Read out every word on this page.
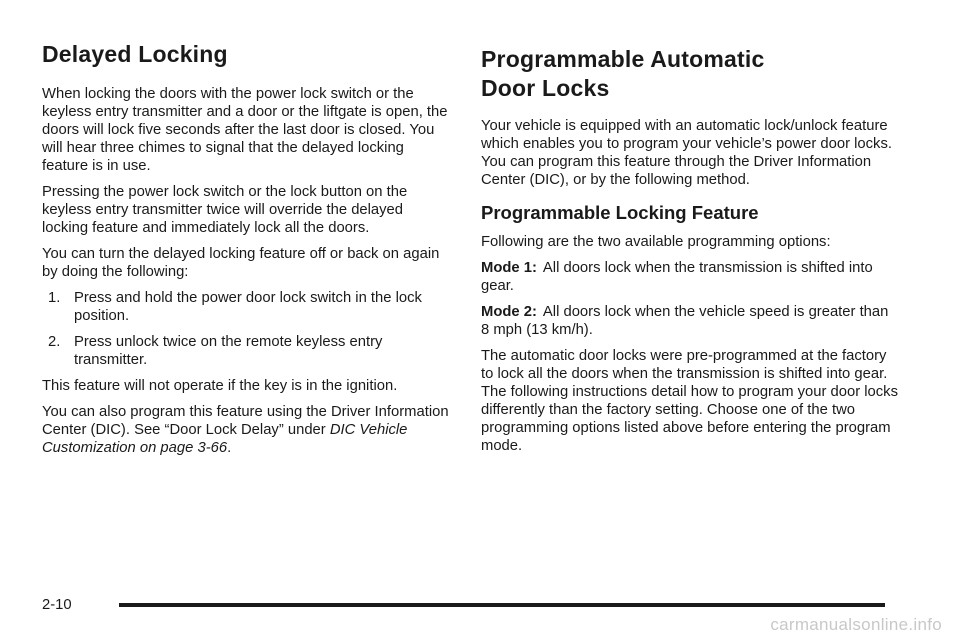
Delayed Locking

When locking the doors with the power lock switch or the keyless entry transmitter and a door or the liftgate is open, the doors will lock five seconds after the last door is closed. You will hear three chimes to signal that the delayed locking feature is in use.

Pressing the power lock switch or the lock button on the keyless entry transmitter twice will override the delayed locking feature and immediately lock all the doors.

You can turn the delayed locking feature off or back on again by doing the following:

1. Press and hold the power door lock switch in the lock position.
2. Press unlock twice on the remote keyless entry transmitter.

This feature will not operate if the key is in the ignition.

You can also program this feature using the Driver Information Center (DIC). See “Door Lock Delay” under DIC Vehicle Customization on page 3-66.

Programmable Automatic
Door Locks

Your vehicle is equipped with an automatic lock/unlock feature which enables you to program your vehicle’s power door locks. You can program this feature through the Driver Information Center (DIC), or by the following method.

Programmable Locking Feature

Following are the two available programming options:

Mode 1: All doors lock when the transmission is shifted into gear.

Mode 2: All doors lock when the vehicle speed is greater than 8 mph (13 km/h).

The automatic door locks were pre-programmed at the factory to lock all the doors when the transmission is shifted into gear. The following instructions detail how to program your door locks differently than the factory setting. Choose one of the two programming options listed above before entering the program mode.

2-10
carmanualsonline.info
